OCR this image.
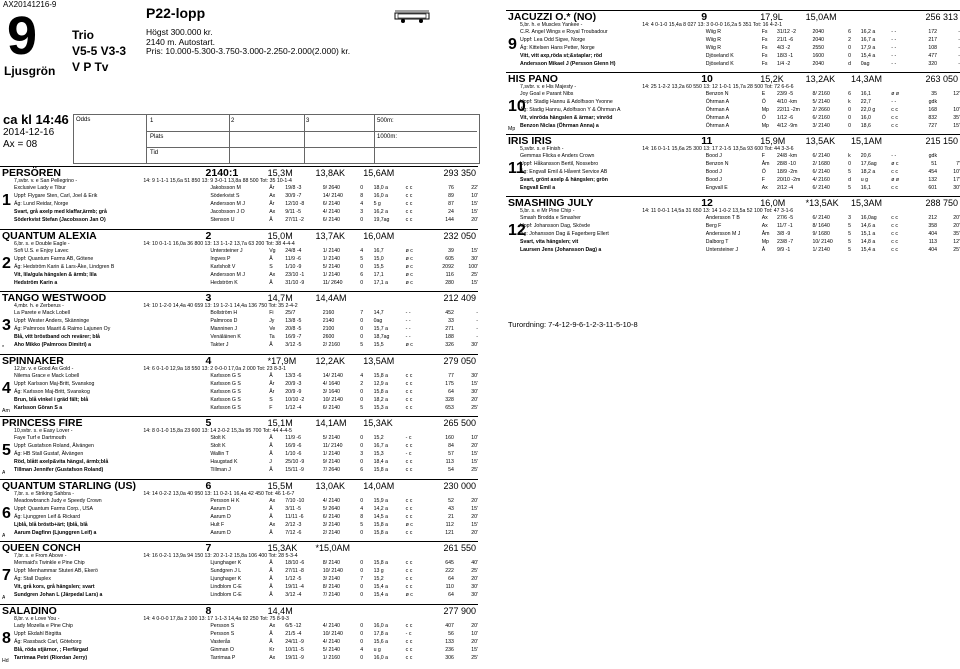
AX20141216-9
9
Ljusgrön
Trio
V5-5 V3-3
V P Tv
P22-lopp
Högst 300.000 kr.
2140 m. Autostart.
Pris: 10.000-5.300-3.750-3.000-2.250-2.000(2.000) kr.
ca kl 14:46
2014-12-16
Ax = 08
Odds	1	2	3
Plats
Tid
500m:
1000m:
PERSÖREN	2140:1	15,3M	13,8AK 15,6AM	293 350
7,svbr. v. e San Pellegrino -	14: 9 1-1-1 15,6a 51 850 13: 9 3-0-1 13,8a 88 500 Tot: 35 10-1-4
1
Exclusive Lady e Tibur
Uppf: Flygare Sten, Carl, Joel & Erik
Äg: Lund Reidar, Norge
Svart, grå axelp med klaffar,ärmb; grå
Söderkvist Stefan (Jacobsson Jan O)
Jakobsson M	År	19/8 -3	9/ 2640	0	18,0 a	c c	76	22'
Söderkvist S	Ax	30/9 -7	14/ 2140	8	16,0 a	c c	89	10'
Andersson M J	År	12/10 -8	6/ 2140	4	5 g	c c	87	15'
Jacobsson J O	Ax	9/11 -5	4/ 2140	3	16,2 a	c c	24	15'
Stenson U	Å	27/11 -2	6/ 2140	0	19,7ag	c c	144	20'
QUANTUM ALEXIA	2	15,0M	13,7AK 16,0AM	232 050
6,br. s. e Double Eagle -	14: 10 0-1-1 16,0a 36 800 13: 13 1-1-2 13,7a 63 200 Tot: 38 4-4-4
2
Sofi U.S. e Enjoy Lavec
Uppf: Quantum Farms AB, Götene
Äg: Hedström Karin & Lars-Åke, Lindgren B
Vit, lila/gula hängslen & ärmb; lila
Hedström Karin a
Untersteiner J	Vg	24/8 -4	1/ 2140	4	16,7	ø c	39	15'
Ingves P	Å	11/9 -6	1/ 2140	5	15,0	ø c	605	30'
Karlsholt V	S	1/10 -9	5/ 2140	0	15,5	ø c	2092	100'
Andersson M J	Ax	23/10 -1	1/ 2140	6	17,1	ø c	116	25'
Hedström K	Å	31/10 -9	11/ 2640	0	17,1 a	ø c	280	15'
TANGO WESTWOOD	3	14,7M	14,4AM	212 409
4,mbr. h. e Zerberus -	14: 10 1-2-0 14,4a 40 659 13: 19 1-2-1 14,4a 136 750 Tot: 35 2-4-2
3
*
La Parete e Mack Lobell
Uppf: Wester Anders, Skänninge
Äg: Palmroos Maarit & Raimo Lajunen Oy
Blå, vitt bröstband och revärer; blå
Aho Mikko (Palmroos Dimitri) a
Bollström H	Fi	25/7	2160	7	14,7	- -	452	-
Palmroos D	Jy	13/8 -5	2140	0	0ag	- -	33	-
Manninen J	Ve	20/8 -5	2100	0	15,7 a	- -	271	-
Venäläinen K	Ta	16/9 -7	2600	0	18,7ag	- -	188	-
Takter J	Å	3/12 -5	2/ 2160	5	15,5	ø c	326	30'
SPINNAKER	4	*17,9M 12,2AK 13,5AM	279 050
12,br. v. e Good As Gold -	14: 6 0-1-0 12,9a 18 550 13: 2 0-0-0 17,0a 2 000 Tot: 23 8-3-1
4
Åm
Nilema Grace e Mack Lobell
Uppf: Karlsson Maj-Britt, Svanskog
Äg: Karlsson Maj-Britt, Svanskog
Brun, blå vinkel i gräd fält; blå
Karlsson Göran S a
Karlsson G S	Å	13/3 -6	14/ 2140	4	15,8 a	c c	77	30'
Karlsson G S	År	20/9 -3	4/ 1640	2	12,9 a	c c	175	15'
Karlsson G S	År	20/9 -9	3/ 1640	0	15,8 a	c c	64	30'
Karlsson G S	S	10/10 -2	10/ 2140	0	18,2 a	c c	328	20'
Karlsson G S	F	1/12 -4	6/ 2140	5	15,3 a	c c	653	25'
PRINCESS FIRE	5	15,1M	14,1AM 15,3AK	265 500
10,svbr. s. e Easy Lover -	14: 8 0-1-0 15,8a 23 600 13: 14 2-0-2 15,3a 95 700 Tot: 44 4-4-5
5
Å
Faye Turf e Dartmouth
Uppf: Gustafson Roland, Älvängen
Äg: HB Stall Gustaf, Älvängen
Röd, blått axelp&vita hängsl, ärmb;blå
Tillman Jennifer (Gustafson Roland)
Stolt K	Å	11/9 -6	5/ 2140	0	15,2	- c	160	10'
Stolt K	Å	16/9 -6	11/ 2140	0	16,7 a	c c	84	20'
Wallin T	Å	1/10 -6	1/ 2140	3	15,3	- c	57	15'
Haugstad K	J	25/10 -9	9/ 2140	0	18,4 a	c c	113	15'
Tillman J	Å	15/11 -9	7/ 2640	6	15,8 a	c c	54	25'
QUANTUM STARLING (US)	6	15,5M	13,0AK 14,0AM	230 000
7,br. s. e Striking Sahbra -	14: 14 0-2-2 13,0a 40 950 13: 11 0-2-1 16,4a 42 450 Tot: 46 1-6-7
6
Å
Meadowbranch Judy e Speedy Crown
Uppf: Quantum Farms Corp., USA
Äg: Ljunggren Leif & Rickard
Ljblå, blå bröstb+ärt; ljblå, blå
Aarum Dagfinn (Ljunggren Leif) a
Persson H K	Ax	7/10 -10	4/ 2140	0	15,9 a	c c	52	20'
Aarum D	Å	3/11 -5	5/ 2640	4	14,2 a	c c	43	15'
Aarum D	Å	11/11 -6	6/ 2140	8	14,5 a	c c	21	20'
Hult F	Ax	2/12 -3	3/ 2140	5	15,8 a	ø c	112	15'
Aarum D	Å	7/12 -6	2/ 2140	0	15,8 a	c c	121	20'
QUEEN CONCH	7	15,3AK *15,0AM	261 550
7,br. s. e From Above -	14: 16 0-2-1 13,9a 94 150 13: 20 2-1-2 15,8a 106 400 Tot: 28 5-3-4
7
Å
Mermaid's Twinkle e Pine Chip
Uppf: Menhammar Stuteri AB, Ekerö
Äg: Stall Duplex
Vit, grå kors, grå hängslen; svart
Sundgren Johan L (Järpedal Lars) a
Ljunghager K	Å	18/10 -6	8/ 2140	0	15,8 a	c c	645	40'
Sundgren J L	Å	27/11 -8	10/ 2140	0	13 g	c c	222	25'
Ljunghager K	Å	1/12 -5	3/ 2140	7	15,2	c c	64	20'
Lindblom C-E	Å	19/11 -4	8/ 2140	0	15,4 a	c c	110	30'
Lindblom C-E	Å	3/12 -4	7/ 2140	0	15,4 a	ø c	64	30'
SALADINO	8	14,4M	277 900
8,br. v. e Love You -	14: 4 0-0-0 17,8a 2 100 13: 17 1-1-3 14,4a 92 250 Tot: 75 8-9-3
8
Hd
Lady Mozella e Pine Chip
Uppf: Ekdahl Birgitta
Äg: Rassback Carl, Göteborg
Blå, röda stjärnor, ; Flerfärgad
Tarrimaa Petri (Riordan Jerry)
Persson S	Ax	6/5 -12	4/ 2140	0	16,0 a	c c	407	20'
Persson S	Å	21/5 -4	10/ 2140	0	17,8 a	- c	56	10'
Vasterås	Å	24/11 -9	4/ 2140	0	15,6 a	c c	133	20'
Ginman O	Kr	10/11 -5	5/ 2140	4	u g	c c	236	15'
Tarrimaa P	Ax	19/11 -9	1/ 2160	0	16,0 a	c c	306	25'
JACUZZI O.* (NO)	9	17,9L	15,0AM	256 313
5,br. h. e Muscles Yankee -	14: 4 0-1-0 15,4a 8 027 13: 3 0-0-0 16,2a 5 351 Tot: 16 4-2-1
9
C.R. Angel Wings e Royal Troubadour
Uppf: Lea Odd Sigve, Norge
Äg: Kittelsen Hans Petter, Norge
Vitt, vitt axp,röda st;&staplar; röd
Andersson Mikael J (Persson Glenn H)
Wiig R	Fs	31/12 -2	2040	6	16,2 a	- -	172	-
Wiig R	Fs	21/1 -6	2040	2	16,7 a	- -	217	-
Wiig R	Fs	4/3 -2	2550	0	17,9 a	- -	108	-
Djöseland K	Fs	18/3 -1	1600	0	15,4 a	- -	477	-
Djöseland K	Fs	1/4 -2	2040	d	0ag	- -	320	-
HIS PANO	10	15,2K 13,2AK 14,3AM	263 050
7,svbr. v. e His Majesty -	14: 25 1-2-2 13,2a 60 550 13: 12 1-0-1 15,7a 28 500 Tot: 72 6-6-6
10
Mp
Joy Goal e Parant Nibs
Uppf: Stadig Hannu & Adolfsson Yvonne
Äg: Stadig Hannu, Adolfsson Y & Öhrman A
Vit, vinröda hängslen & ärmar; vinröd
Benzon Niclas (Öhrman Anna) a
Benzon N	E	23/9 -5	8/ 2160	6	16,1	ø ø	35	12'
Öhrman A	Ö	4/10 -km	5/ 2140	k	22,7	- -	gdk	
Öhrman A	Mp	22/11 -2m	2/ 2660	0	22,0 g	c c	168	10'
Öhrman A	Ö	1/12 -6	6/ 2160	0	16,0	c c	832	35'
Öhrman A	Mp	4/12 -9m	3/ 2140	0	18,6	c c	727	15'
IRIS IRIS	11	15,9M 13,5AK 15,1AM	215 150
5,svbr. s. e Finish -	14: 16 0-1-1 15,6a 25 300 13: 17 2-1-5 13,5a 93 600 Tot: 44 3-3-6
11
Gemmas Flicka e Anders Crown
Uppf: Håkansson Bertil, Nossebro
Äg: Engvall Emil & Håvent Service AB
Svart, grönt axelp & hängslen; grön
Engvall Emil a
Bood J	F	24/8 -km	6/ 2140	k	20,6	- -	gdk	
Benzon N	Åm	28/8 -10	2/ 1680	0	17,6ag	ø c	51	7'
Bood J	Ö	18/9 -2m	6/ 2140	5	18,2 a	c c	454	10'
Bood J	F	20/10 -2m	4/ 2160	d	u g	ø ø	132	17'
Engvall E	Ax	2/12 -4	6/ 2140	5	16,1	c c	601	30'
SMASHING JULY	12	16,0M *13,5AK 15,3AM	288 750
5,br. s. e Mr Pine Chip -	14: 11 0-0-1 14,5a 31 650 13: 14 1-0-2 13,5a 52 100 Tot: 47 3-1-6
12
Smash Brodda e Smasher
Uppf: Johansson Dag, Skövde
Äg: Johansson Dag & Fagerberg Ellert
Svart, vita hängslen; vit
Laursen Jens (Johansson Dag) a
Andersson T B	Ax	27/6 -5	6/ 2140	3	16,0ag	c c	212	20'
Berg F	Ax	11/7 -1	8/ 1640	5	14,6 a	c c	358	20'
Andersson M J	Åm	3/8 -9	9/ 1680	5	15,1 a	c c	404	35'
Dalborg T	Mp	23/8 -7	10/ 2140	5	14,8 a	c c	113	12'
Untersteiner J	Å	9/9 -1	1/ 2140	5	15,4 a	c c	404	25'
Turordning: 7-4-12-9-6-1-2-3-11-5-10-8
